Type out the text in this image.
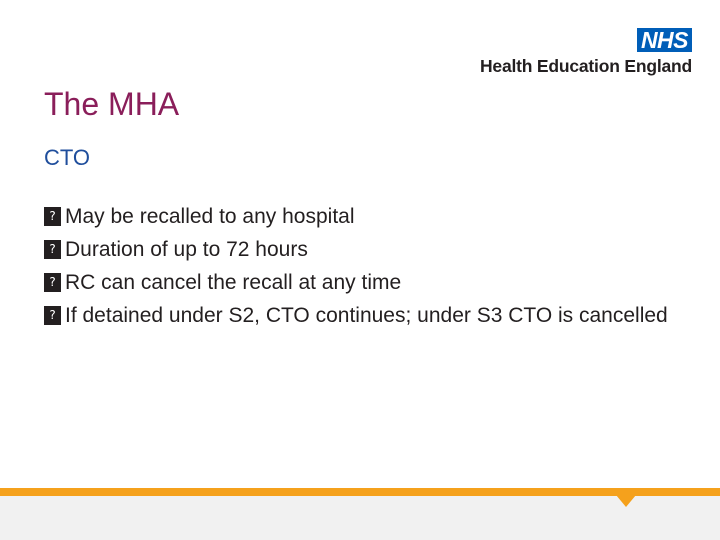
NHS
Health Education England
The MHA
CTO
? May be recalled to any hospital
? Duration of up to 72 hours
? RC can cancel the recall at any time
? If detained under S2, CTO continues; under S3 CTO is cancelled
